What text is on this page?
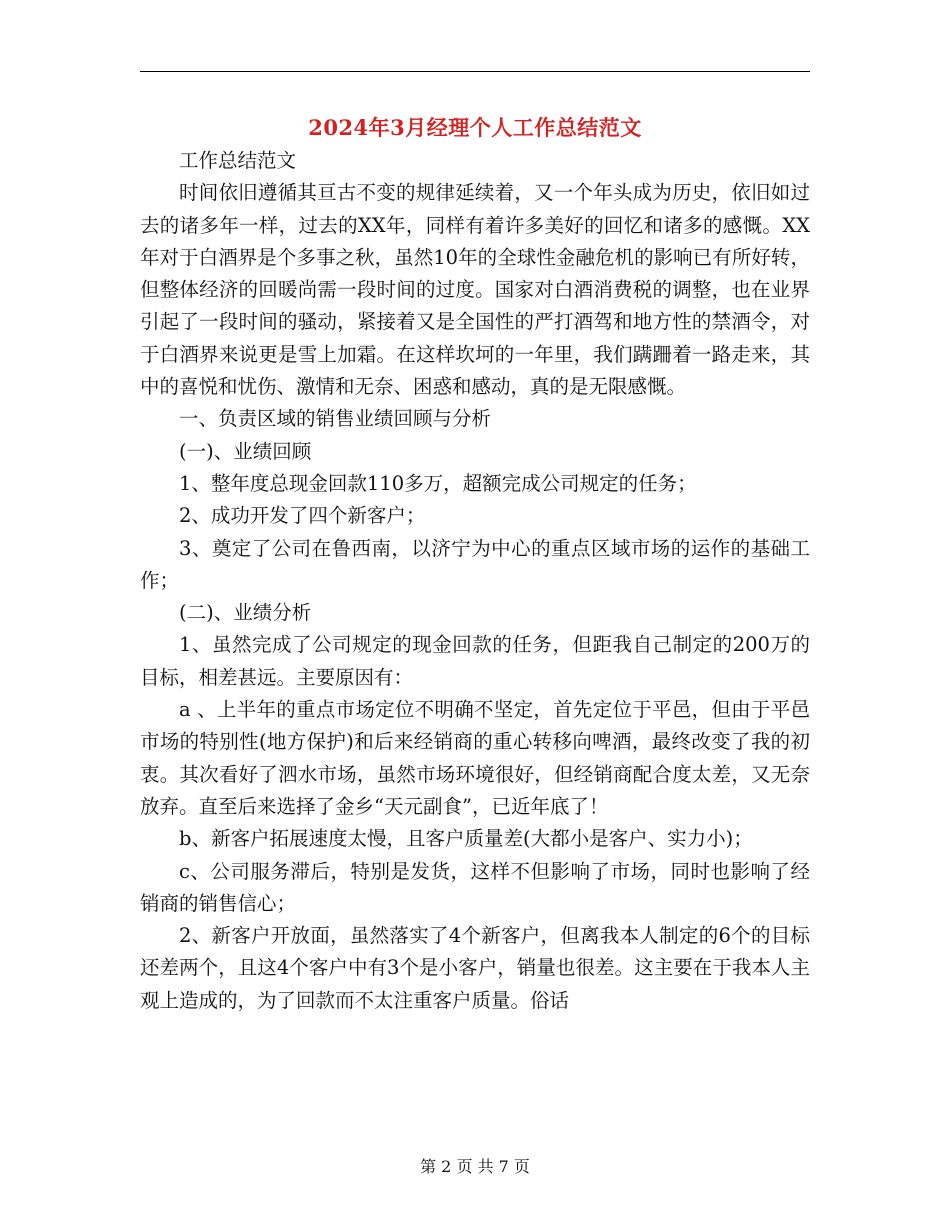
2024年3月经理个人工作总结范文

工作总结范文

时间依旧遵循其亘古不变的规律延续着，又一个年头成为历史，依旧如过去的诸多年一样，过去的XX年，同样有着许多美好的回忆和诸多的感慨。XX年对于白酒界是个多事之秋，虽然10年的全球性金融危机的影响已有所好转，但整体经济的回暖尚需一段时间的过度。国家对白酒消费税的调整，也在业界引起了一段时间的骚动，紧接着又是全国性的严打酒驾和地方性的禁酒令，对于白酒界来说更是雪上加霜。在这样坎坷的一年里，我们蹒跚着一路走来，其中的喜悦和忧伤、激情和无奈、困惑和感动，真的是无限感慨。

一、负责区域的销售业绩回顾与分析

(一)、业绩回顾

1、整年度总现金回款110多万，超额完成公司规定的任务；

2、成功开发了四个新客户；

3、奠定了公司在鲁西南，以济宁为中心的重点区域市场的运作的基础工作；

(二)、业绩分析

1、虽然完成了公司规定的现金回款的任务，但距我自己制定的200万的目标，相差甚远。主要原因有：

a 、上半年的重点市场定位不明确不坚定，首先定位于平邑，但由于平邑市场的特别性(地方保护)和后来经销商的重心转移向啤酒，最终改变了我的初衷。其次看好了泗水市场，虽然市场环境很好，但经销商配合度太差，又无奈放弃。直至后来选择了金乡“天元副食”，已近年底了！

b、新客户拓展速度太慢，且客户质量差(大都小是客户、实力小)；

c、公司服务滞后，特别是发货，这样不但影响了市场，同时也影响了经销商的销售信心；

2、新客户开放面，虽然落实了4个新客户，但离我本人制定的6个的目标还差两个，且这4个客户中有3个是小客户，销量也很差。这主要在于我本人主观上造成的，为了回款而不太注重客户质量。俗话

第 2 页 共 7 页
